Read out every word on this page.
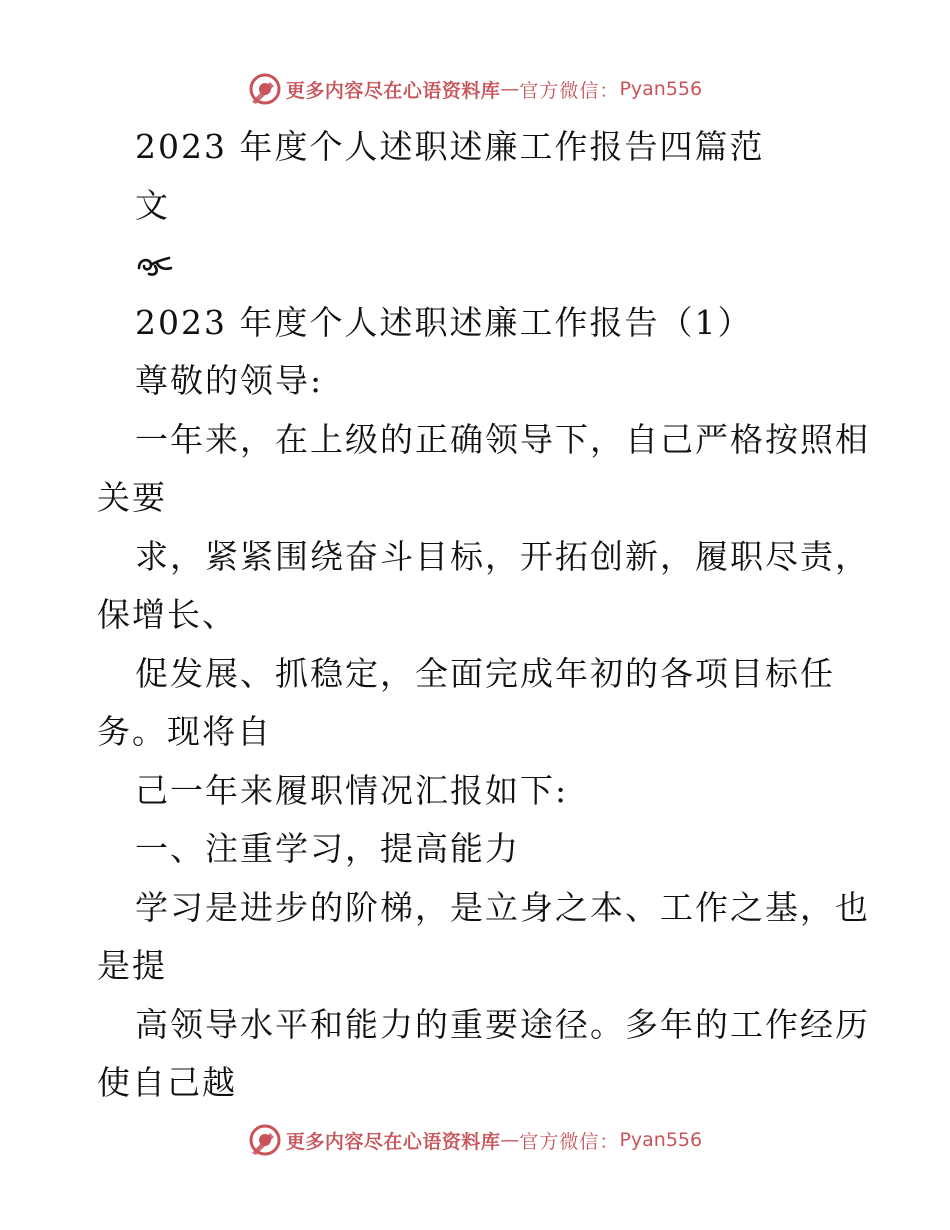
更多内容尽在心语资料库 — 官方微信： Pyan556
2023 年度个人述职述廉工作报告四篇范
文
2023 年度个人述职述廉工作报告（1）
尊敬的领导:
一年来，在上级的正确领导下，自己严格按照相
关要
求，紧紧围绕奋斗目标，开拓创新，履职尽责，
保增长、
促发展、抓稳定，全面完成年初的各项目标任
务。现将自
己一年来履职情况汇报如下:
一、注重学习，提高能力
学习是进步的阶梯，是立身之本、工作之基，也
是提
高领导水平和能力的重要途径。多年的工作经历
使自己越
更多内容尽在心语资料库 — 官方微信： Pyan556
